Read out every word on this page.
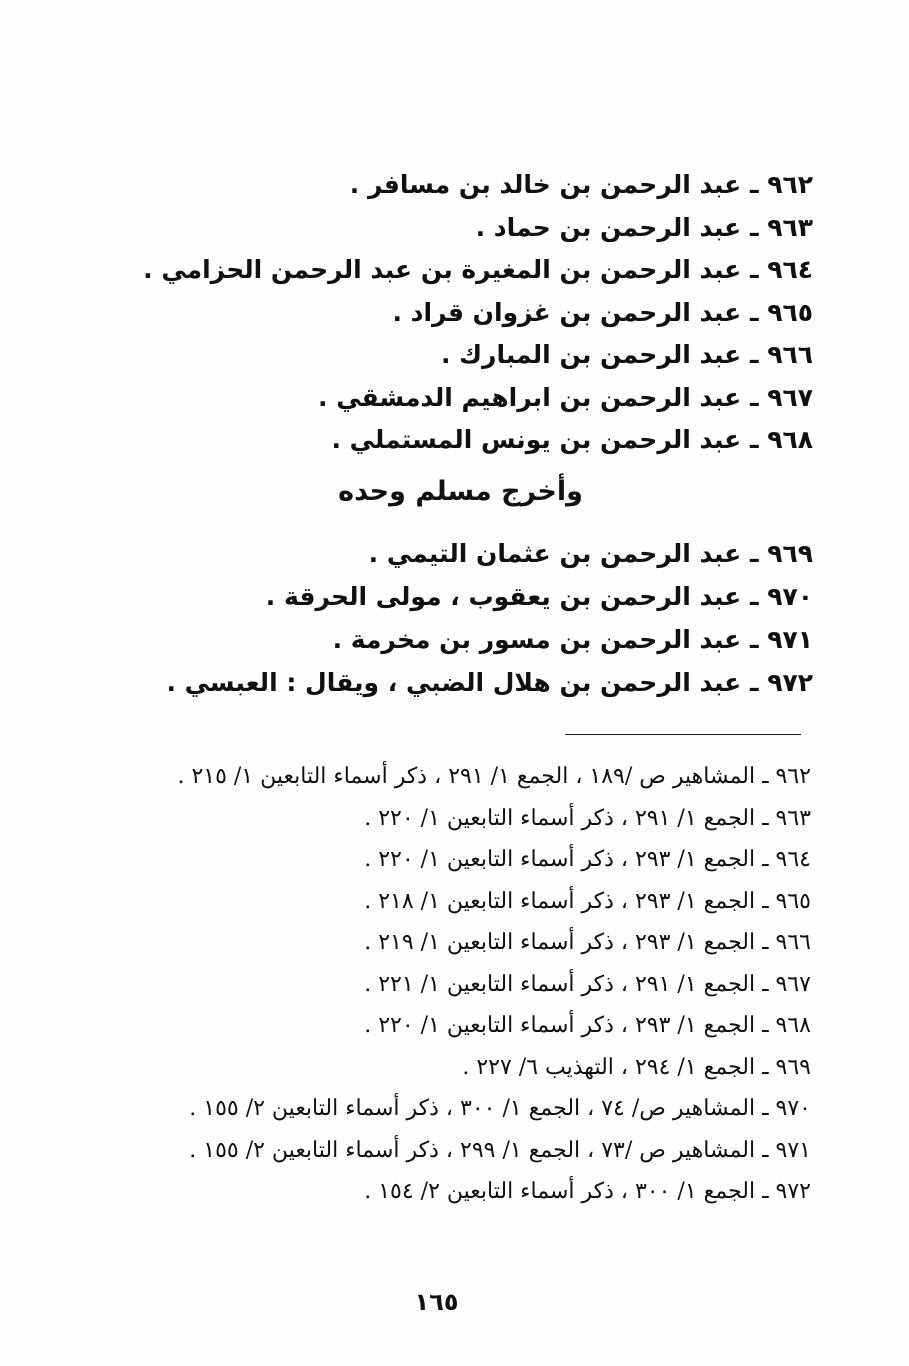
٩٦٢ ـ عبد الرحمن بن خالد بن مسافر .
٩٦٣ ـ عبد الرحمن بن حماد .
٩٦٤ ـ عبد الرحمن بن المغيرة بن عبد الرحمن الحزامي .
٩٦٥ ـ عبد الرحمن بن غزوان قراد .
٩٦٦ ـ عبد الرحمن بن المبارك .
٩٦٧ ـ عبد الرحمن بن ابراهيم الدمشقي .
٩٦٨ ـ عبد الرحمن بن يونس المستملي .
وأخرج مسلم وحده
٩٦٩ ـ عبد الرحمن بن عثمان التيمي .
٩٧٠ ـ عبد الرحمن بن يعقوب ، مولى الحرقة .
٩٧١ ـ عبد الرحمن بن مسور بن مخرمة .
٩٧٢ ـ عبد الرحمن بن هلال الضبي ، ويقال : العبسي .
٩٦٢ ـ المشاهير ص /١٨٩ ، الجمع ١/ ٢٩١ ، ذكر أسماء التابعين ١/ ٢١٥ .
٩٦٣ ـ الجمع ١/ ٢٩١ ، ذكر أسماء التابعين ١/ ٢٢٠ .
٩٦٤ ـ الجمع ١/ ٢٩٣ ، ذكر أسماء التابعين ١/ ٢٢٠ .
٩٦٥ ـ الجمع ١/ ٢٩٣ ، ذكر أسماء التابعين ١/ ٢١٨ .
٩٦٦ ـ الجمع ١/ ٢٩٣ ، ذكر أسماء التابعين ١/ ٢١٩ .
٩٦٧ ـ الجمع ١/ ٢٩١ ، ذكر أسماء التابعين ١/ ٢٢١ .
٩٦٨ ـ الجمع ١/ ٢٩٣ ، ذكر أسماء التابعين ١/ ٢٢٠ .
٩٦٩ ـ الجمع ١/ ٢٩٤ ، التهذيب ٦/ ٢٢٧ .
٩٧٠ ـ المشاهير ص/ ٧٤ ، الجمع ١/ ٣٠٠ ، ذكر أسماء التابعين ٢/ ١٥٥ .
٩٧١ ـ المشاهير ص /٧٣ ، الجمع ١/ ٢٩٩ ، ذكر أسماء التابعين ٢/ ١٥٥ .
٩٧٢ ـ الجمع ١/ ٣٠٠ ، ذكر أسماء التابعين ٢/ ١٥٤ .
١٦٥
